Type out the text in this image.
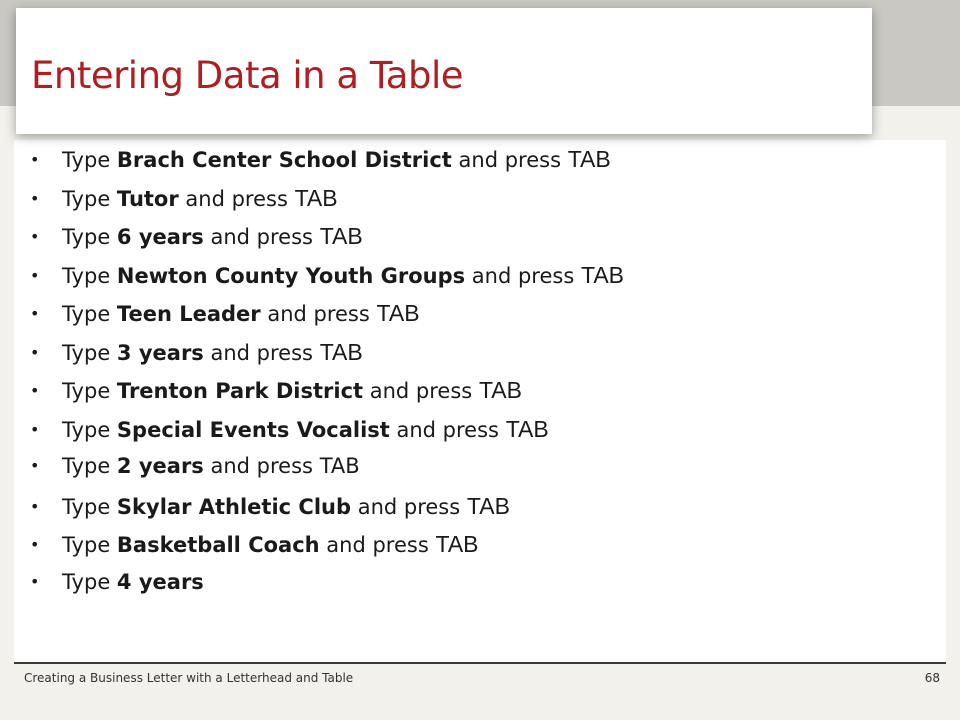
Entering Data in a Table
•	Type
Brach Center School District
and press
TAB
•	Type
Tutor
and press
TAB
•	Type
6 years
and press
TAB
•	Type
Newton County Youth Groups
and press
TAB
•	Type
Teen Leader
and press
TAB
•	Type
3 years
and press
TAB
•	Type
Trenton Park District
and press
TAB
•	Type
Special Events Vocalist
and press
TAB
•	Type
2 years
and press
TAB
•	Type
Skylar Athletic Club
and press
TAB
•	Type
Basketball Coach
and press
TAB
•	Type
4 years
Creating a Business Letter with a Letterhead and Table	68
